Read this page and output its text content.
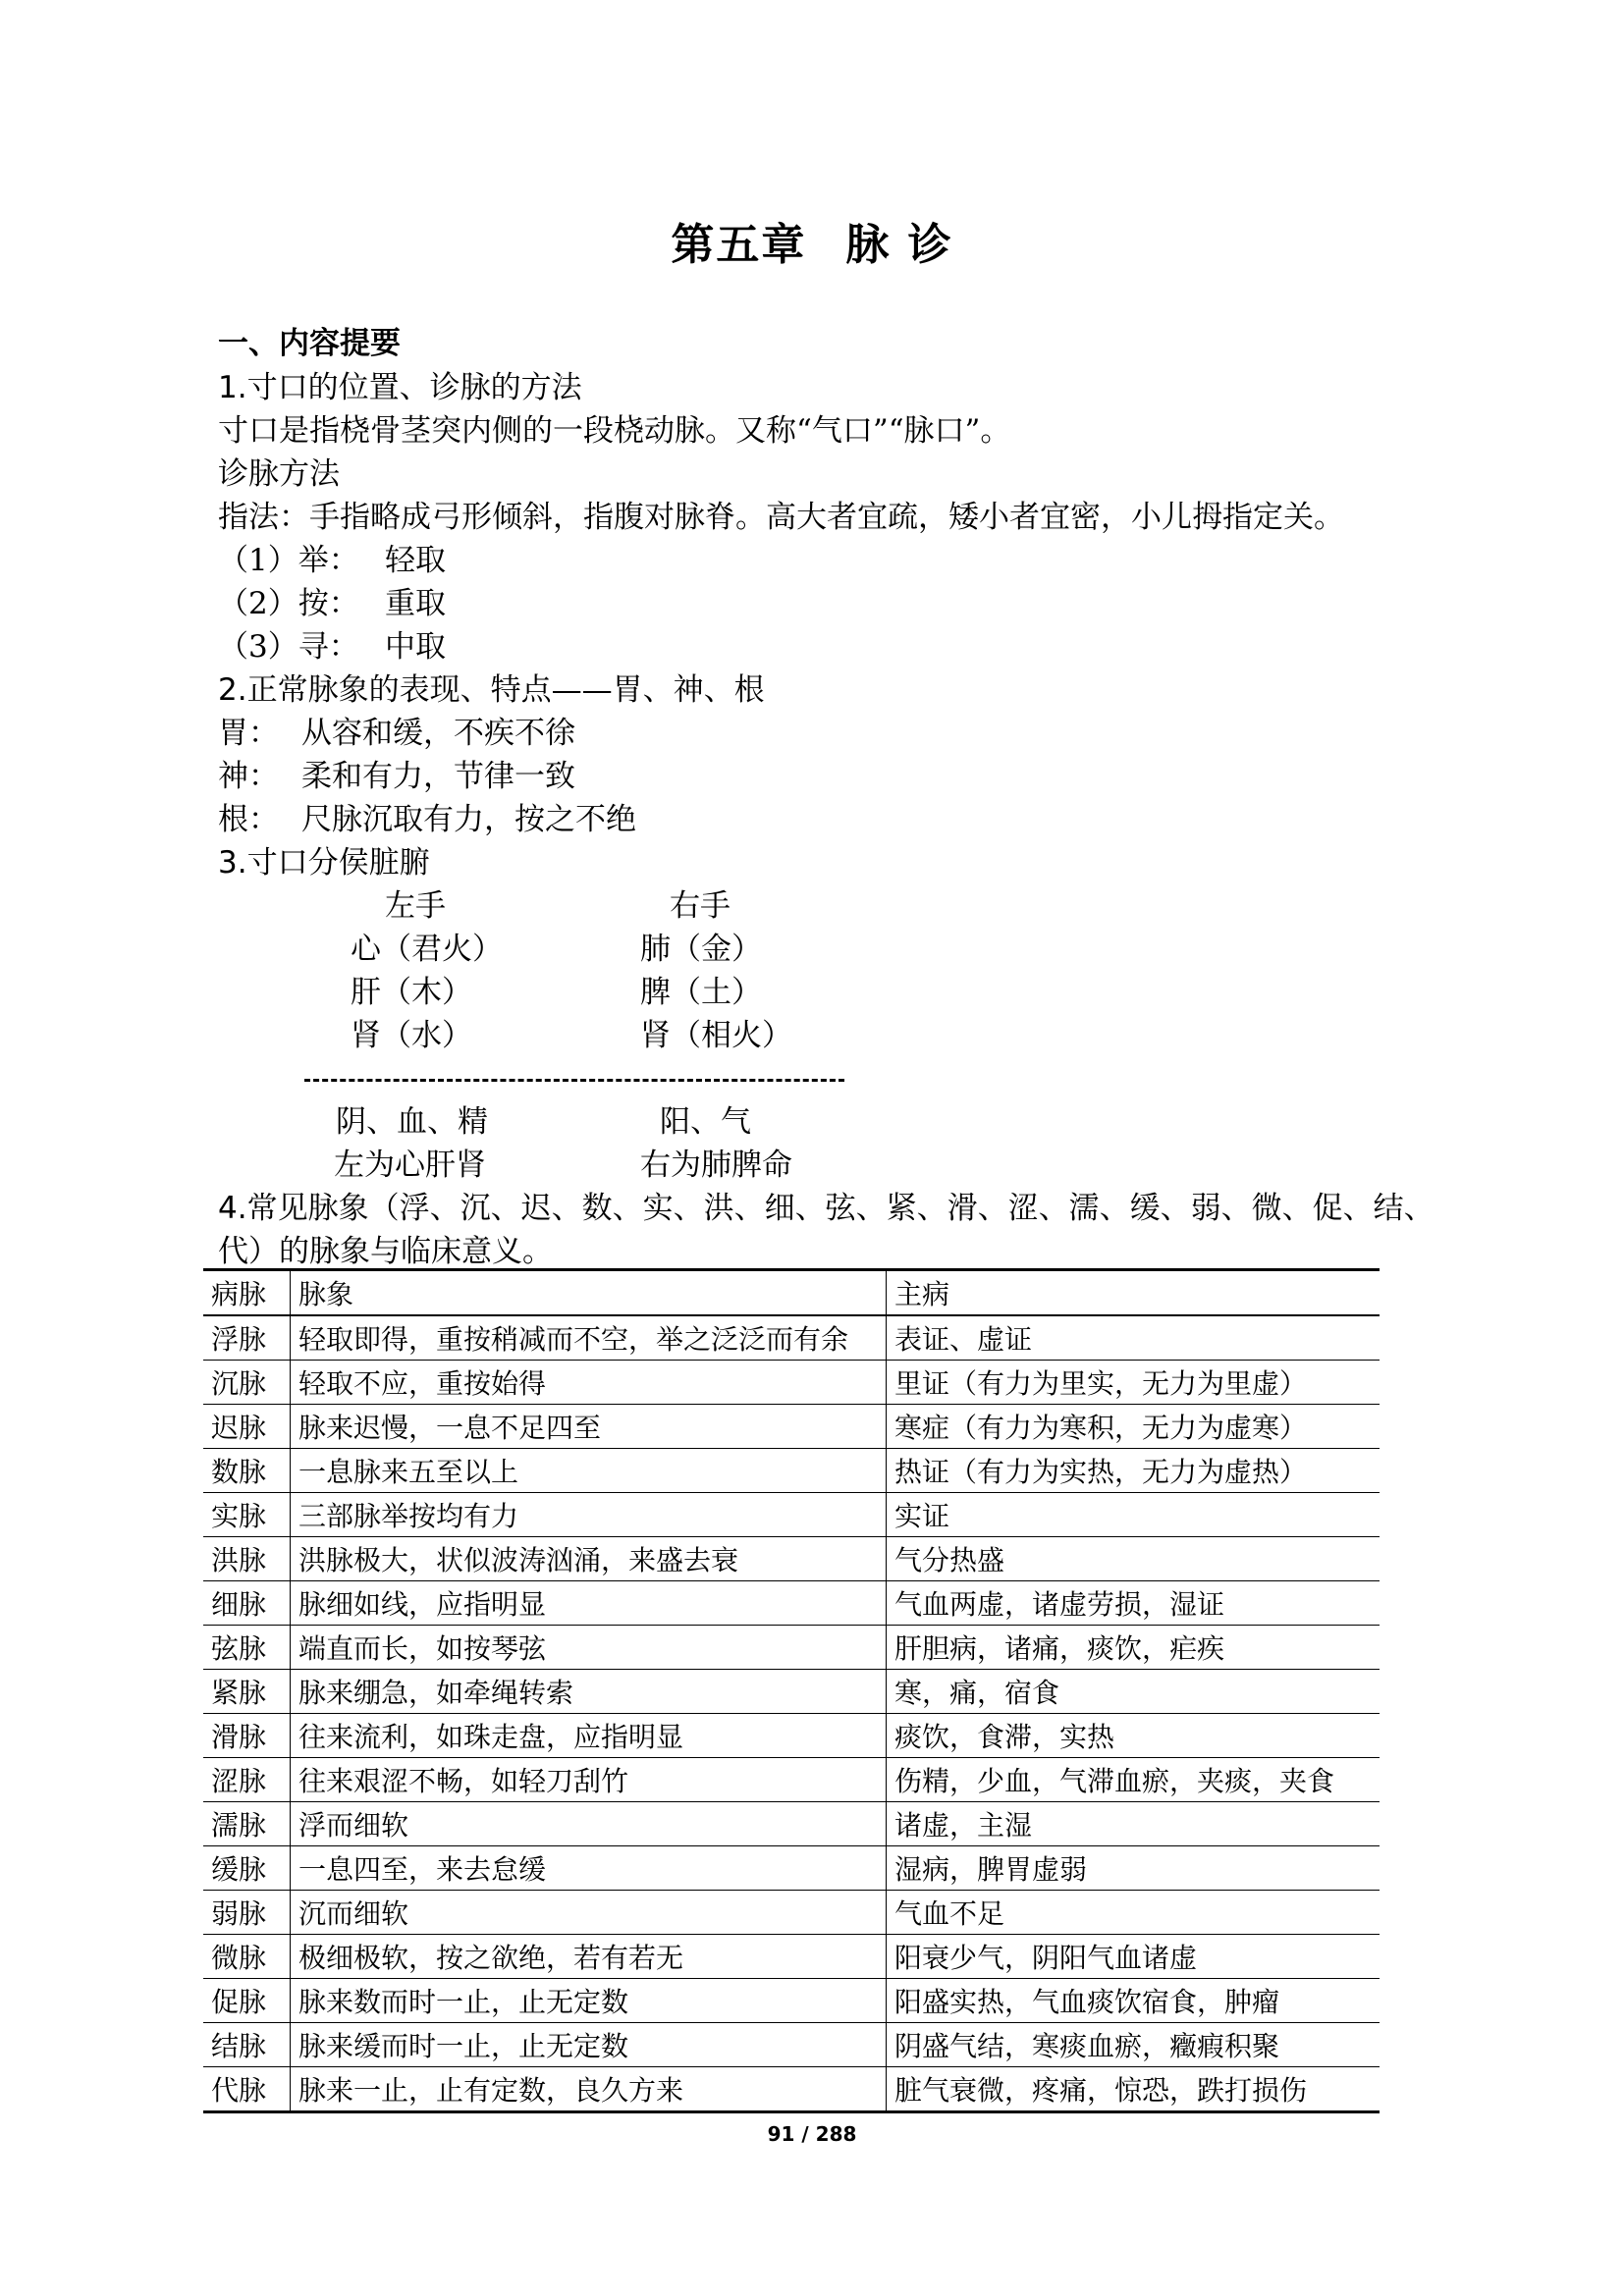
第五章 脉 诊
一、内容提要
1.寸口的位置、诊脉的方法
寸口是指桡骨茎突内侧的一段桡动脉。又称“气口”“脉口”。
诊脉方法
指法：手指略成弓形倾斜，指腹对脉脊。高大者宜疏，矮小者宜密，小儿拇指定关。
（1）举： 轻取
（2）按： 重取
（3）寻： 中取
2.正常脉象的表现、特点——胃、神、根
胃： 从容和缓，不疾不徐
神： 柔和有力，节律一致
根： 尺脉沉取有力，按之不绝
3.寸口分侯脏腑
左手	右手
心（君火）	肺（金）
肝（木）	脾（土）
肾（水）	肾（相火）
阴、血、精	阳、气
左为心肝肾	右为肺脾命
4.常见脉象（浮、沉、迟、数、实、洪、细、弦、紧、滑、涩、濡、缓、弱、微、促、结、代）的脉象与临床意义。
病脉	脉象	主病
浮脉	轻取即得，重按稍减而不空，举之泛泛而有余	表证、虚证
沉脉	轻取不应，重按始得	里证（有力为里实，无力为里虚）
迟脉	脉来迟慢，一息不足四至	寒症（有力为寒积，无力为虚寒）
数脉	一息脉来五至以上	热证（有力为实热，无力为虚热）
实脉	三部脉举按均有力	实证
洪脉	洪脉极大，状似波涛汹涌，来盛去衰	气分热盛
细脉	脉细如线，应指明显	气血两虚，诸虚劳损，湿证
弦脉	端直而长，如按琴弦	肝胆病，诸痛，痰饮，疟疾
紧脉	脉来绷急，如牵绳转索	寒，痛，宿食
滑脉	往来流利，如珠走盘，应指明显	痰饮，食滞，实热
涩脉	往来艰涩不畅，如轻刀刮竹	伤精，少血，气滞血瘀，夹痰，夹食
濡脉	浮而细软	诸虚，主湿
缓脉	一息四至，来去怠缓	湿病，脾胃虚弱
弱脉	沉而细软	气血不足
微脉	极细极软，按之欲绝，若有若无	阳衰少气，阴阳气血诸虚
促脉	脉来数而时一止，止无定数	阳盛实热，气血痰饮宿食，肿瘤
结脉	脉来缓而时一止，止无定数	阴盛气结，寒痰血瘀，癥瘕积聚
代脉	脉来一止，止有定数，良久方来	脏气衰微，疼痛，惊恐，跌打损伤
91 / 288
